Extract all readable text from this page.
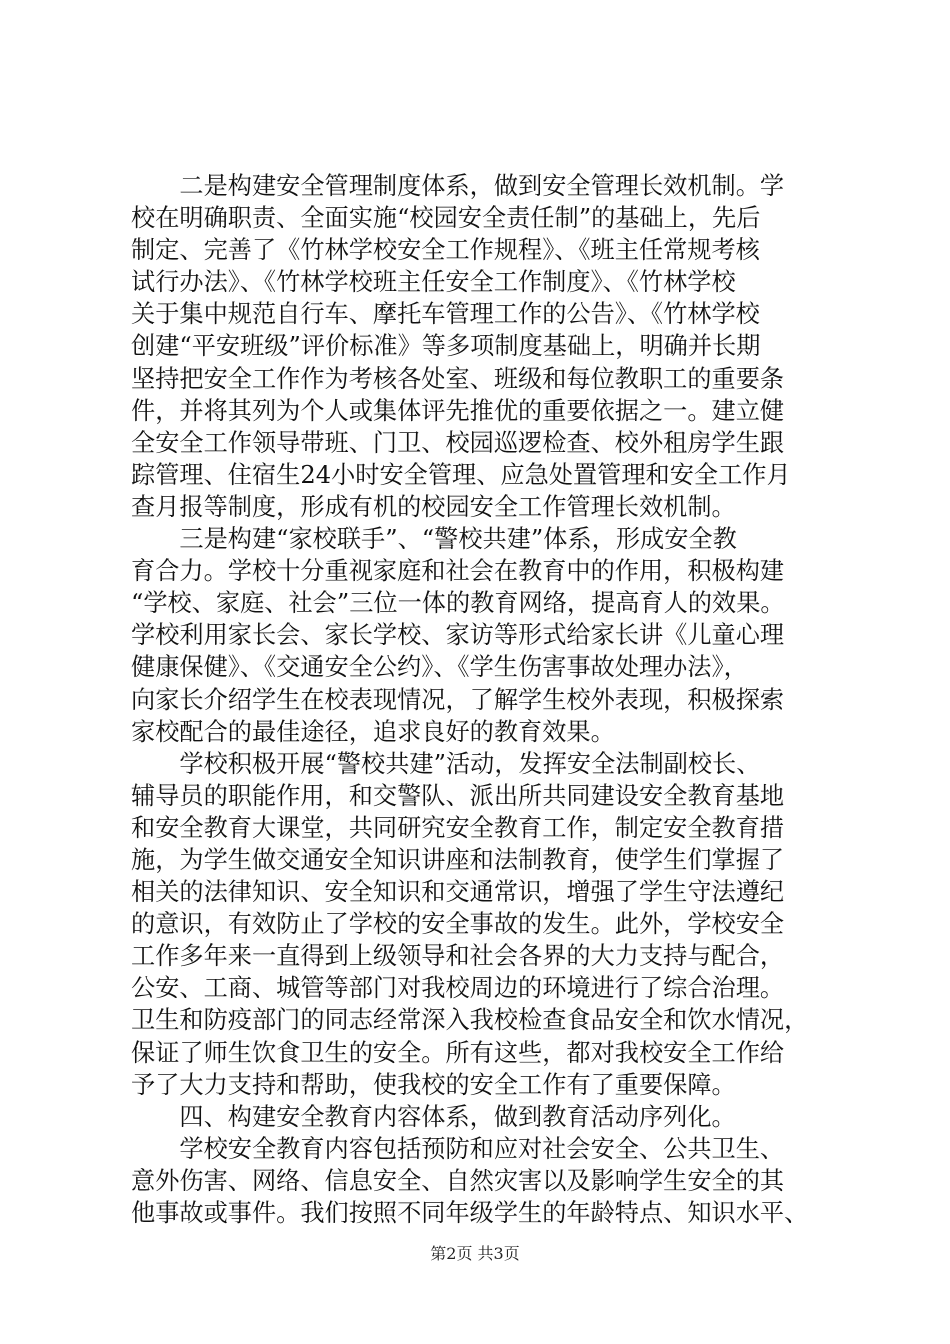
　　二是构建安全管理制度体系，做到安全管理长效机制。学
校在明确职责、全面实施“校园安全责任制”的基础上，先后
制定、完善了《竹林学校安全工作规程》、《班主任常规考核
试行办法》、《竹林学校班主任安全工作制度》、《竹林学校
关于集中规范自行车、摩托车管理工作的公告》、《竹林学校
创建“平安班级”评价标准》等多项制度基础上，明确并长期
坚持把安全工作作为考核各处室、班级和每位教职工的重要条
件，并将其列为个人或集体评先推优的重要依据之一。建立健
全安全工作领导带班、门卫、校园巡逻检查、校外租房学生跟
踪管理、住宿生24小时安全管理、应急处置管理和安全工作月
查月报等制度，形成有机的校园安全工作管理长效机制。
　　三是构建“家校联手”、“警校共建”体系，形成安全教
育合力。学校十分重视家庭和社会在教育中的作用，积极构建
“学校、家庭、社会”三位一体的教育网络，提高育人的效果。
学校利用家长会、家长学校、家访等形式给家长讲《儿童心理
健康保健》、《交通安全公约》、《学生伤害事故处理办法》，
向家长介绍学生在校表现情况，了解学生校外表现，积极探索
家校配合的最佳途径，追求良好的教育效果。
　　学校积极开展“警校共建”活动，发挥安全法制副校长、
辅导员的职能作用，和交警队、派出所共同建设安全教育基地
和安全教育大课堂，共同研究安全教育工作，制定安全教育措
施，为学生做交通安全知识讲座和法制教育，使学生们掌握了
相关的法律知识、安全知识和交通常识，增强了学生守法遵纪
的意识，有效防止了学校的安全事故的发生。此外，学校安全
工作多年来一直得到上级领导和社会各界的大力支持与配合，
公安、工商、城管等部门对我校周边的环境进行了综合治理。
卫生和防疫部门的同志经常深入我校检查食品安全和饮水情况，
保证了师生饮食卫生的安全。所有这些，都对我校安全工作给
予了大力支持和帮助，使我校的安全工作有了重要保障。
　　四、构建安全教育内容体系，做到教育活动序列化。
　　学校安全教育内容包括预防和应对社会安全、公共卫生、
意外伤害、网络、信息安全、自然灾害以及影响学生安全的其
他事故或事件。我们按照不同年级学生的年龄特点、知识水平、
第2页 共3页
